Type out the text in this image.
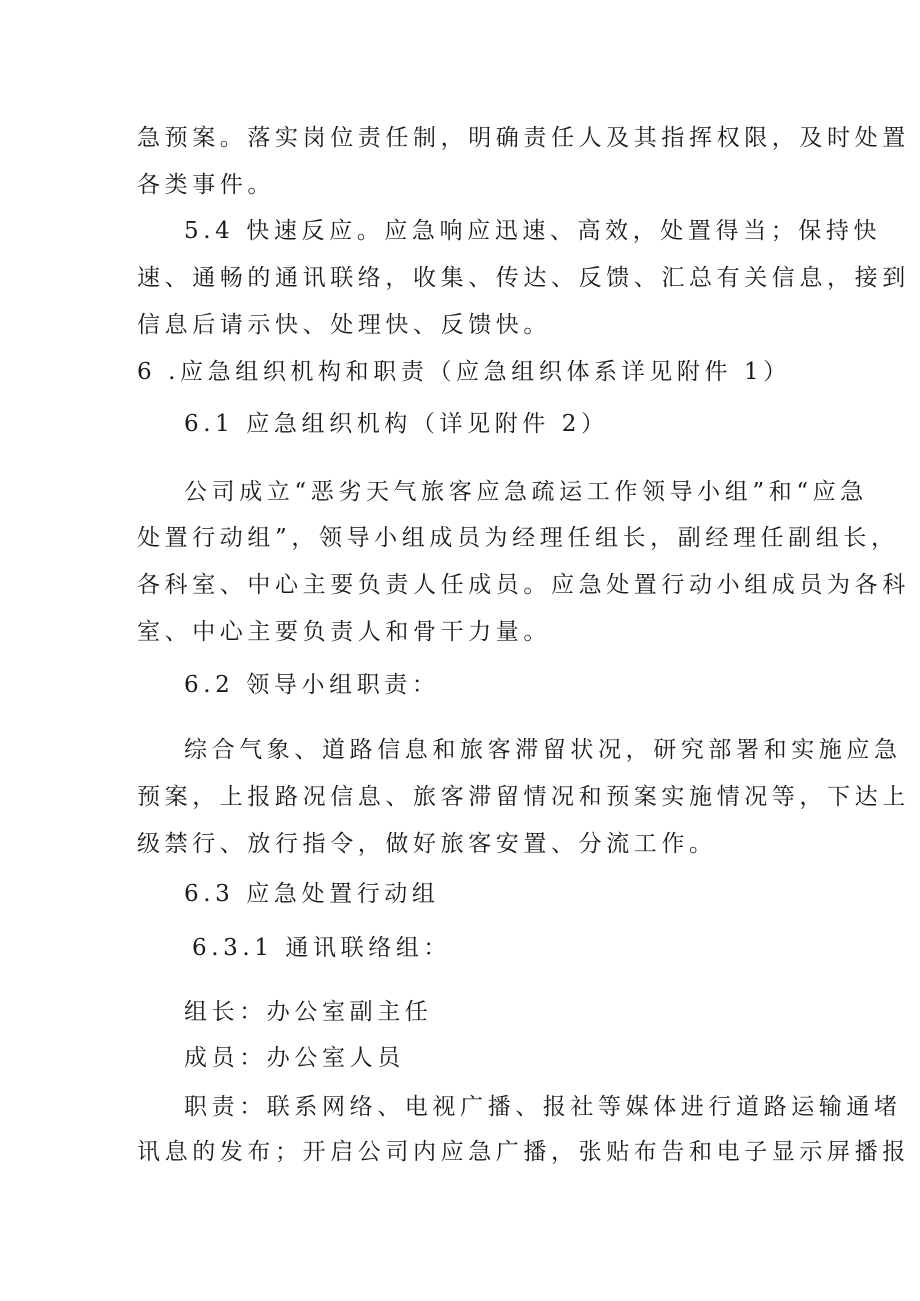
急预案。落实岗位责任制，明确责任人及其指挥权限，及时处置
各类事件。
5.4 快速反应。应急响应迅速、高效，处置得当；保持快
速、通畅的通讯联络，收集、传达、反馈、汇总有关信息，接到
信息后请示快、处理快、反馈快。
6 .应急组织机构和职责（应急组织体系详见附件 1）
6.1 应急组织机构（详见附件 2）
公司成立“恶劣天气旅客应急疏运工作领导小组”和“应急
处置行动组”，领导小组成员为经理任组长，副经理任副组长，
各科室、中心主要负责人任成员。应急处置行动小组成员为各科
室、中心主要负责人和骨干力量。
6.2 领导小组职责：
综合气象、道路信息和旅客滞留状况，研究部署和实施应急
预案，上报路况信息、旅客滞留情况和预案实施情况等，下达上
级禁行、放行指令，做好旅客安置、分流工作。
6.3 应急处置行动组
6.3.1 通讯联络组：
组长：办公室副主任
成员：办公室人员
职责：联系网络、电视广播、报社等媒体进行道路运输通堵
讯息的发布；开启公司内应急广播，张贴布告和电子显示屏播报
